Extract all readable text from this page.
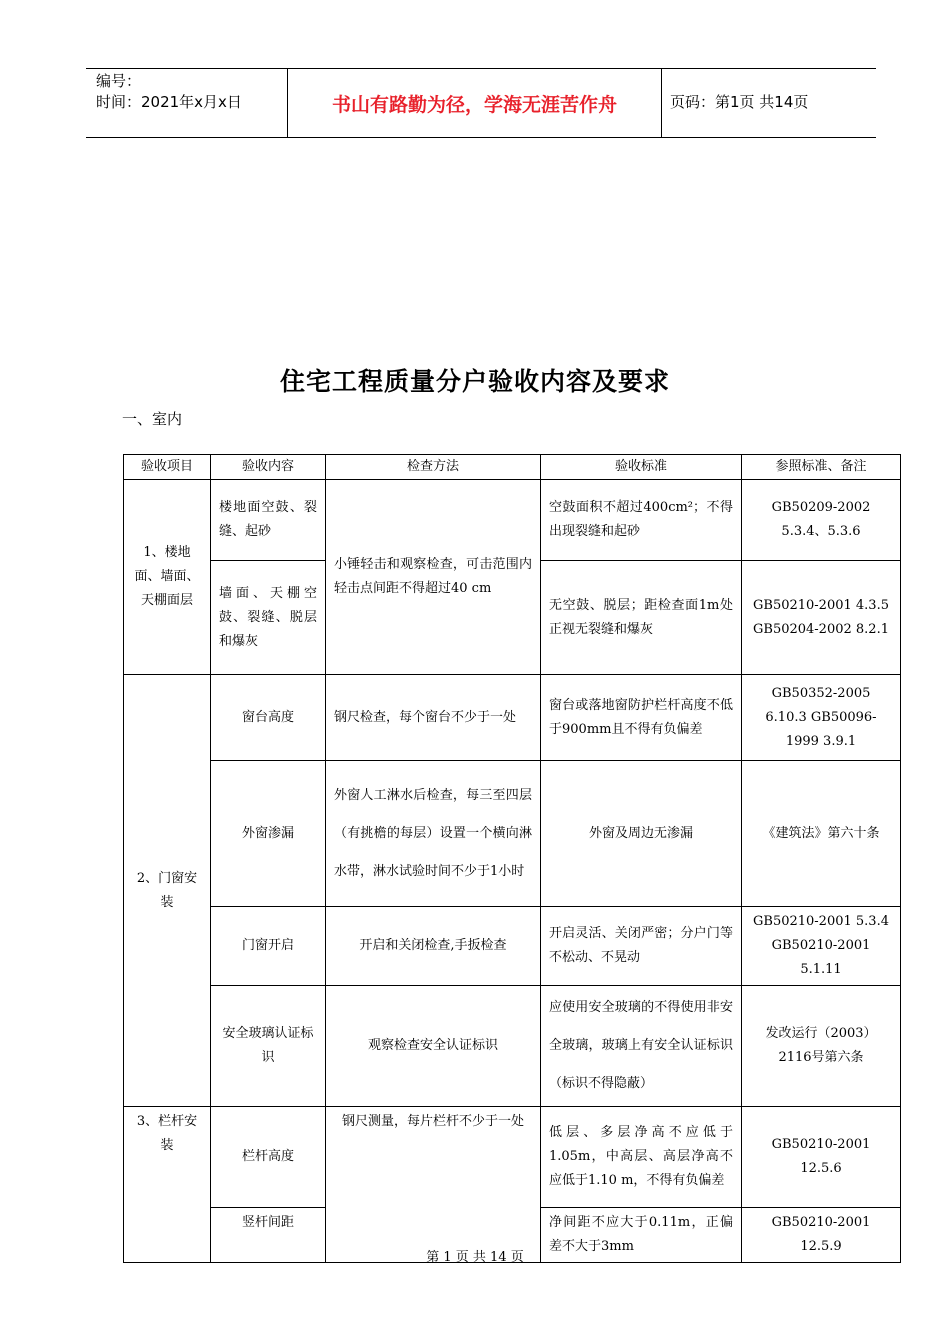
编号：
时间：2021年x月x日	书山有路勤为径，学海无涯苦作舟	页码：第1页 共14页
住宅工程质量分户验收内容及要求
一、室内
验收项目	验收内容	检查方法	验收标准	参照标准、备注
1、楼地面、墙面、天棚面层	楼地面空鼓、裂缝、起砂	小锤轻击和观察检查，可击范围内轻击点间距不得超过40 cm	空鼓面积不超过400cm²；不得出现裂缝和起砂	GB50209-2002 5.3.4、5.3.6
	墙面、天棚空鼓、裂缝、脱层和爆灰		无空鼓、脱层；距检查面1m处正视无裂缝和爆灰	GB50210-2001 4.3.5 GB50204-2002 8.2.1
2、门窗安装	窗台高度	钢尺检查，每个窗台不少于一处	窗台或落地窗防护栏杆高度不低于900mm且不得有负偏差	GB50352-2005 6.10.3 GB50096-1999 3.9.1
	外窗渗漏	外窗人工淋水后检查，每三至四层（有挑檐的每层）设置一个横向淋水带，淋水试验时间不少于1小时	外窗及周边无渗漏	《建筑法》第六十条
	门窗开启	开启和关闭检查,手扳检查	开启灵活、关闭严密；分户门等不松动、不晃动	GB50210-2001 5.3.4 GB50210-2001 5.1.11
	安全玻璃认证标识	观察检查安全认证标识	应使用安全玻璃的不得使用非安全玻璃，玻璃上有安全认证标识（标识不得隐蔽）	发改运行（2003）2116号第六条
3、栏杆安装	栏杆高度	钢尺测量，每片栏杆不少于一处	低层、多层净高不应低于1.05m，中高层、高层净高不应低于1.10 m，不得有负偏差	GB50210-2001 12.5.6
	竖杆间距		净间距不应大于0.11m，正偏差不大于3mm	GB50210-2001 12.5.9
第 1 页 共 14 页
